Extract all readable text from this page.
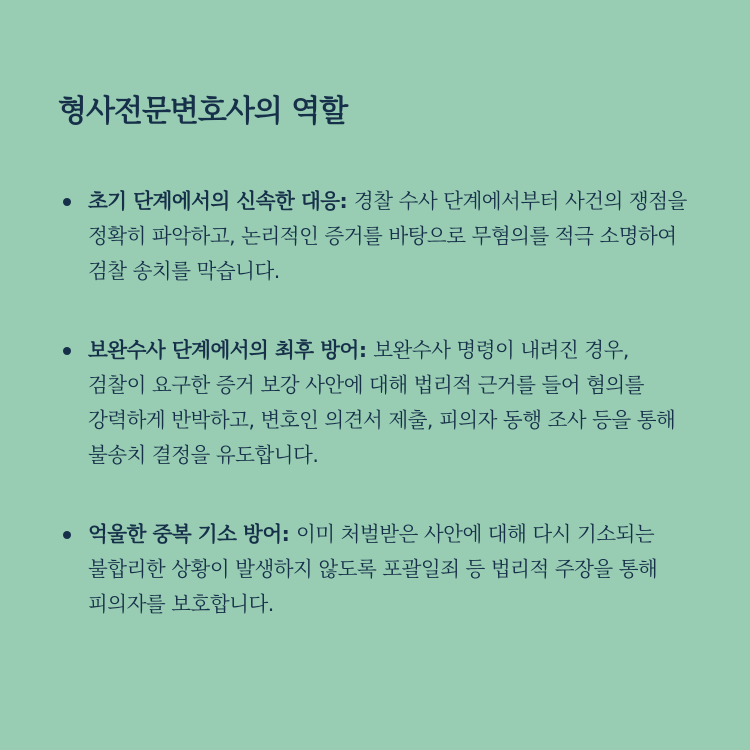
형사전문변호사의 역할
초기 단계에서의 신속한 대응: 경찰 수사 단계에서부터 사건의 쟁점을 정확히 파악하고, 논리적인 증거를 바탕으로 무혐의를 적극 소명하여 검찰 송치를 막습니다.
보완수사 단계에서의 최후 방어: 보완수사 명령이 내려진 경우, 검찰이 요구한 증거 보강 사안에 대해 법리적 근거를 들어 혐의를 강력하게 반박하고, 변호인 의견서 제출, 피의자 동행 조사 등을 통해 불송치 결정을 유도합니다.
억울한 중복 기소 방어: 이미 처벌받은 사안에 대해 다시 기소되는 불합리한 상황이 발생하지 않도록 포괄일죄 등 법리적 주장을 통해 피의자를 보호합니다.
